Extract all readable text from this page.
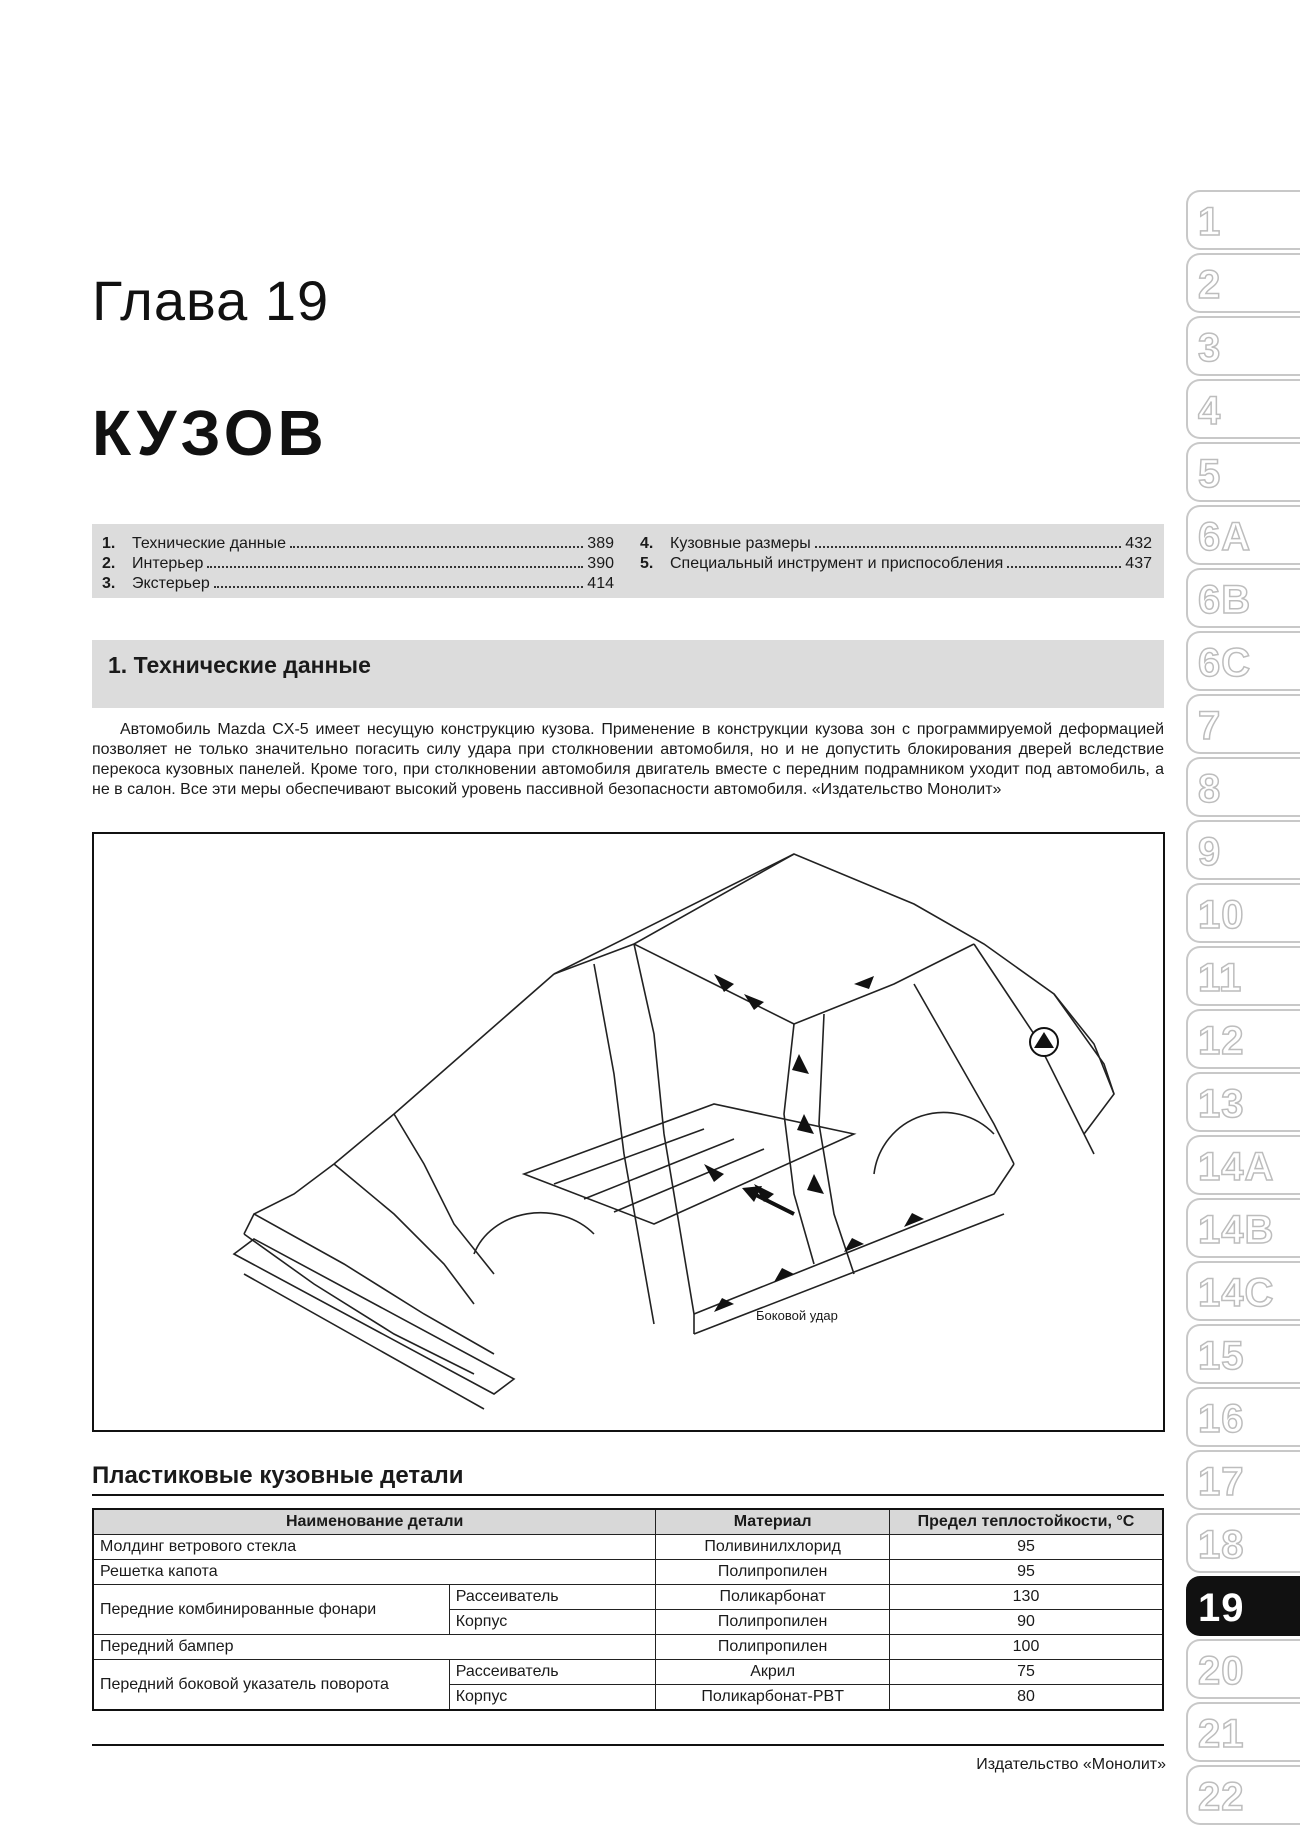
Глава 19
КУЗОВ
1.	Технические данные	389
2.	Интерьер	390
3.	Экстерьер	414
4.	Кузовные размеры	432
5.	Специальный инструмент и приспособления	437
1. Технические данные
Автомобиль Mazda CX-5 имеет несущую конструкцию кузова. Применение в конструкции кузова зон с программируемой деформацией позволяет не только значительно погасить силу удара при столкновении автомобиля, но и не допустить блокирования дверей вследствие перекоса кузовных панелей. Кроме того, при столкновении автомобиля двигатель вместе с передним подрамником уходит под автомобиль, а не в салон. Все эти меры обеспечивают высокий уровень пассивной безопасности автомобиля. «Издательство Монолит»
Боковой удар
Пластиковые кузовные детали
Наименование детали		Материал	Предел теплостойкости, °С
Молдинг ветрового стекла		Поливинилхлорид	95
Решетка капота		Полипропилен	95
Передние комбинированные фонари	Рассеиватель	Поликарбонат	130
	Корпус	Полипропилен	90
Передний бампер		Полипропилен	100
Передний боковой указатель поворота	Рассеиватель	Акрил	75
	Корпус	Поликарбонат-PBT	80
Издательство «Монолит»
1
2
3
4
5
6A
6B
6C
7
8
9
10
11
12
13
14A
14B
14C
15
16
17
18
19
20
21
22
